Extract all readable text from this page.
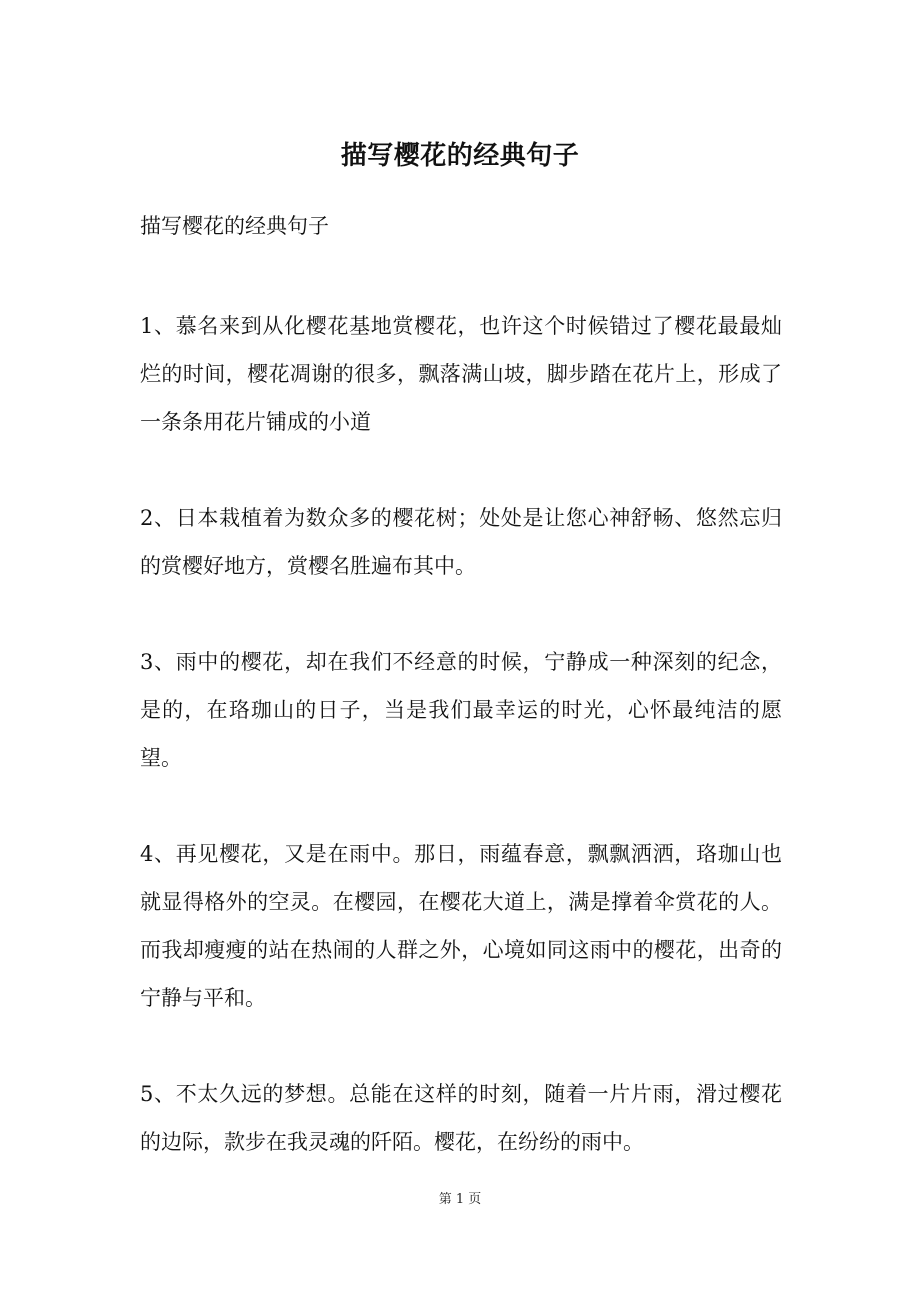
描写樱花的经典句子

描写樱花的经典句子

1、慕名来到从化樱花基地赏樱花，也许这个时候错过了樱花最最灿烂的时间，樱花凋谢的很多，飘落满山坡，脚步踏在花片上，形成了一条条用花片铺成的小道

2、日本栽植着为数众多的樱花树；处处是让您心神舒畅、悠然忘归的赏樱好地方，赏樱名胜遍布其中。

3、雨中的樱花，却在我们不经意的时候，宁静成一种深刻的纪念，是的，在珞珈山的日子，当是我们最幸运的时光，心怀最纯洁的愿望。

4、再见樱花，又是在雨中。那日，雨蕴春意，飘飘洒洒，珞珈山也就显得格外的空灵。在樱园，在樱花大道上，满是撑着伞赏花的人。而我却瘦瘦的站在热闹的人群之外，心境如同这雨中的樱花，出奇的宁静与平和。

5、不太久远的梦想。总能在这样的时刻，随着一片片雨，滑过樱花的边际，款步在我灵魂的阡陌。樱花，在纷纷的雨中。

第 1 页
